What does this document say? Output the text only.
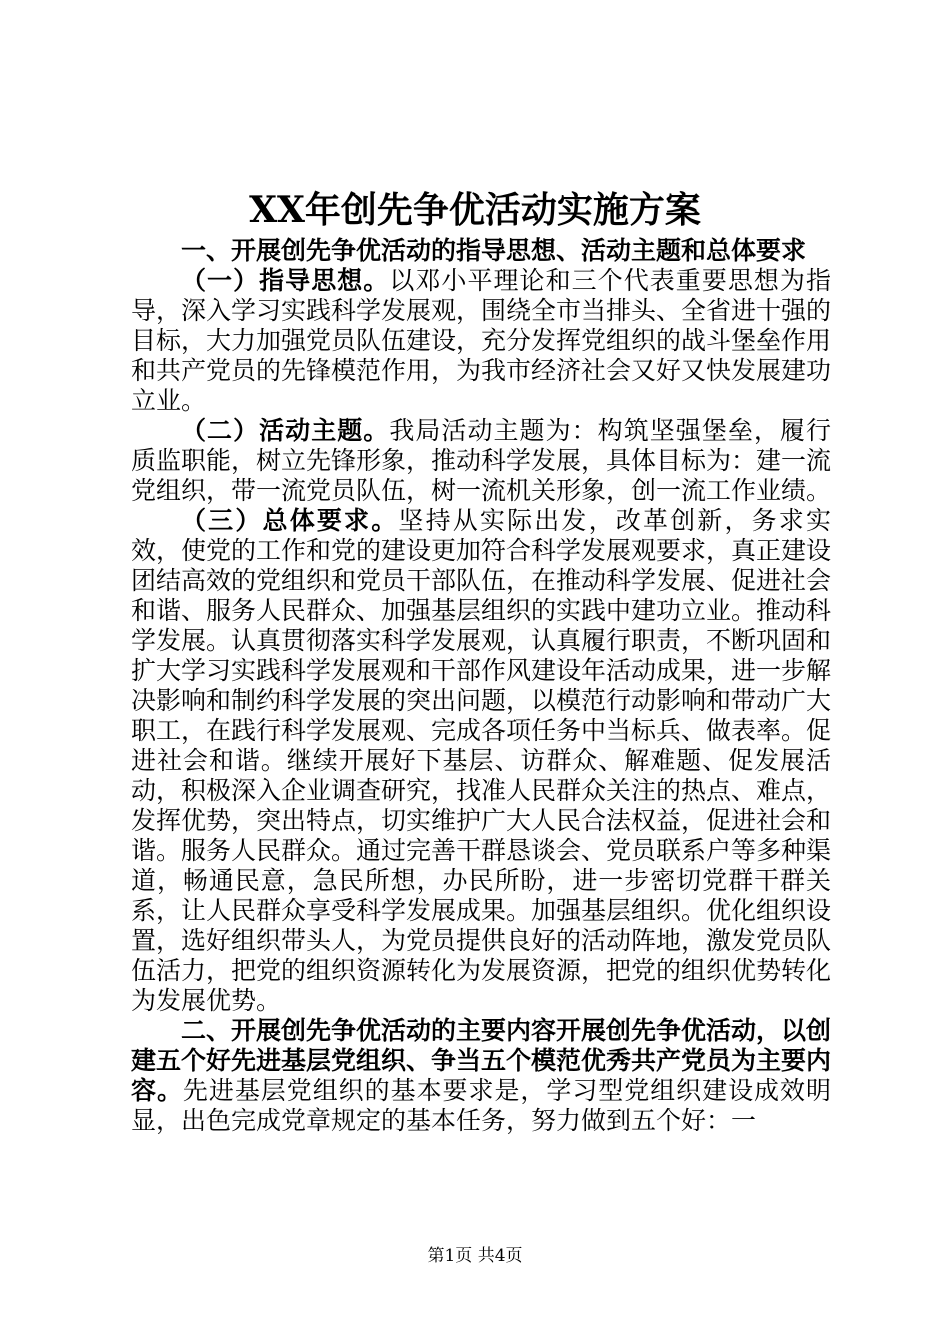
XX年创先争优活动实施方案

一、开展创先争优活动的指导思想、活动主题和总体要求

（一）指导思想。以邓小平理论和三个代表重要思想为指导，深入学习实践科学发展观，围绕全市当排头、全省进十强的目标，大力加强党员队伍建设，充分发挥党组织的战斗堡垒作用和共产党员的先锋模范作用，为我市经济社会又好又快发展建功立业。

（二）活动主题。我局活动主题为：构筑坚强堡垒，履行质监职能，树立先锋形象，推动科学发展，具体目标为：建一流党组织，带一流党员队伍，树一流机关形象，创一流工作业绩。

（三）总体要求。坚持从实际出发，改革创新，务求实效，使党的工作和党的建设更加符合科学发展观要求，真正建设团结高效的党组织和党员干部队伍，在推动科学发展、促进社会和谐、服务人民群众、加强基层组织的实践中建功立业。推动科学发展。认真贯彻落实科学发展观，认真履行职责，不断巩固和扩大学习实践科学发展观和干部作风建设年活动成果，进一步解决影响和制约科学发展的突出问题，以模范行动影响和带动广大职工，在践行科学发展观、完成各项任务中当标兵、做表率。促进社会和谐。继续开展好下基层、访群众、解难题、促发展活动，积极深入企业调查研究，找准人民群众关注的热点、难点，发挥优势，突出特点，切实维护广大人民合法权益，促进社会和谐。服务人民群众。通过完善干群恳谈会、党员联系户等多种渠道，畅通民意，急民所想，办民所盼，进一步密切党群干群关系，让人民群众享受科学发展成果。加强基层组织。优化组织设置，选好组织带头人，为党员提供良好的活动阵地，激发党员队伍活力，把党的组织资源转化为发展资源，把党的组织优势转化为发展优势。

二、开展创先争优活动的主要内容开展创先争优活动，以创建五个好先进基层党组织、争当五个模范优秀共产党员为主要内容。先进基层党组织的基本要求是，学习型党组织建设成效明显，出色完成党章规定的基本任务，努力做到五个好：一

第1页 共4页
